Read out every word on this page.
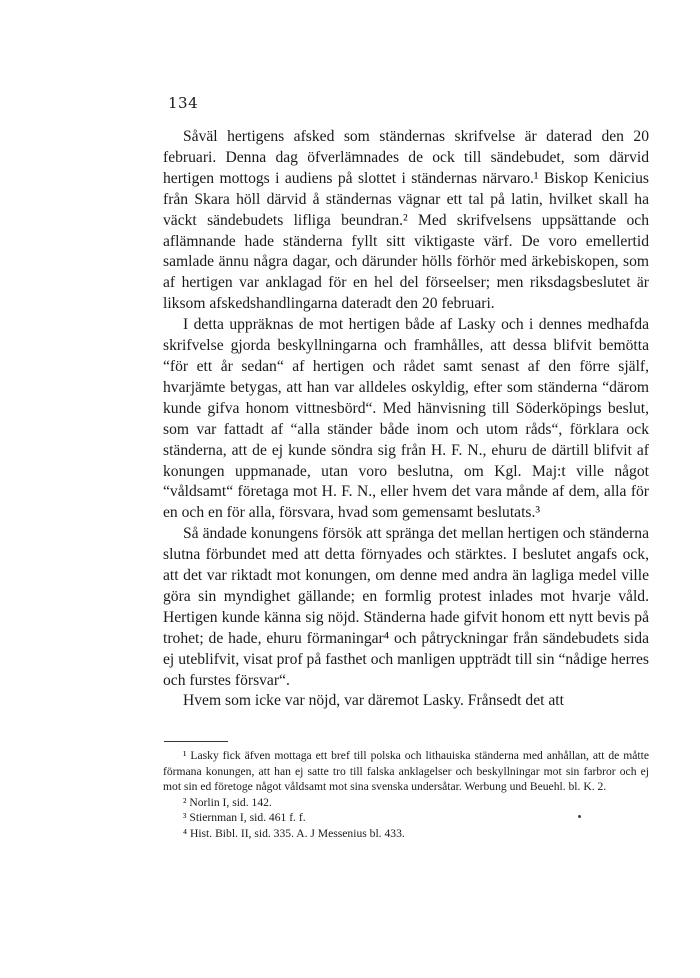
134

Såväl hertigens afsked som ständernas skrifvelse är daterad den 20 februari. Denna dag öfverlämnades de ock till sändebudet, som därvid hertigen mottogs i audiens på slottet i ständernas närvaro.¹ Biskop Kenicius från Skara höll därvid å ständernas vägnar ett tal på latin, hvilket skall ha väckt sändebudets lifliga beundran.² Med skrifvelsens uppsättande och aflämnande hade ständerna fyllt sitt viktigaste värf. De voro emellertid samlade ännu några dagar, och därunder hölls förhör med ärkebiskopen, som af hertigen var anklagad för en hel del förseelser; men riksdagsbeslutet är liksom afskedshandlingarna dateradt den 20 februari.

I detta uppräknas de mot hertigen både af Lasky och i dennes medhafda skrifvelse gjorda beskyllningarna och framhålles, att dessa blifvit bemötta “för ett år sedan“ af hertigen och rådet samt senast af den förre själf, hvarjämte betygas, att han var alldeles oskyldig, efter som ständerna “därom kunde gifva honom vittnesbörd“. Med hänvisning till Söderköpings beslut, som var fattadt af “alla ständer både inom och utom råds“, förklara ock ständerna, att de ej kunde söndra sig från H. F. N., ehuru de därtill blifvit af konungen uppmanade, utan voro beslutna, om Kgl. Maj:t ville något “våldsamt“ företaga mot H. F. N., eller hvem det vara månde af dem, alla för en och en för alla, försvara, hvad som gemensamt beslutats.³

Så ändade konungens försök att spränga det mellan hertigen och ständerna slutna förbundet med att detta förnyades och stärktes. I beslutet angafs ock, att det var riktadt mot konungen, om denne med andra än lagliga medel ville göra sin myndighet gällande; en formlig protest inlades mot hvarje våld. Hertigen kunde känna sig nöjd. Ständerna hade gifvit honom ett nytt bevis på trohet; de hade, ehuru förmaningar⁴ och påtryckningar från sändebudets sida ej uteblifvit, visat prof på fasthet och manligen uppträdt till sin “nådige herres och furstes försvar“.

Hvem som icke var nöjd, var däremot Lasky. Frånsedt det att

¹ Lasky fick äfven mottaga ett bref till polska och lithauiska ständerna med anhållan, att de måtte förmana konungen, att han ej satte tro till falska anklagelser och beskyllningar mot sin farbror och ej mot sin ed företoge något våldsamt mot sina svenska undersåtar. Werbung und Beuehl. bl. K. 2.

² Norlin I, sid. 142.

³ Stiernman I, sid. 461 f. f.

⁴ Hist. Bibl. II, sid. 335. A. J Messenius bl. 433.
